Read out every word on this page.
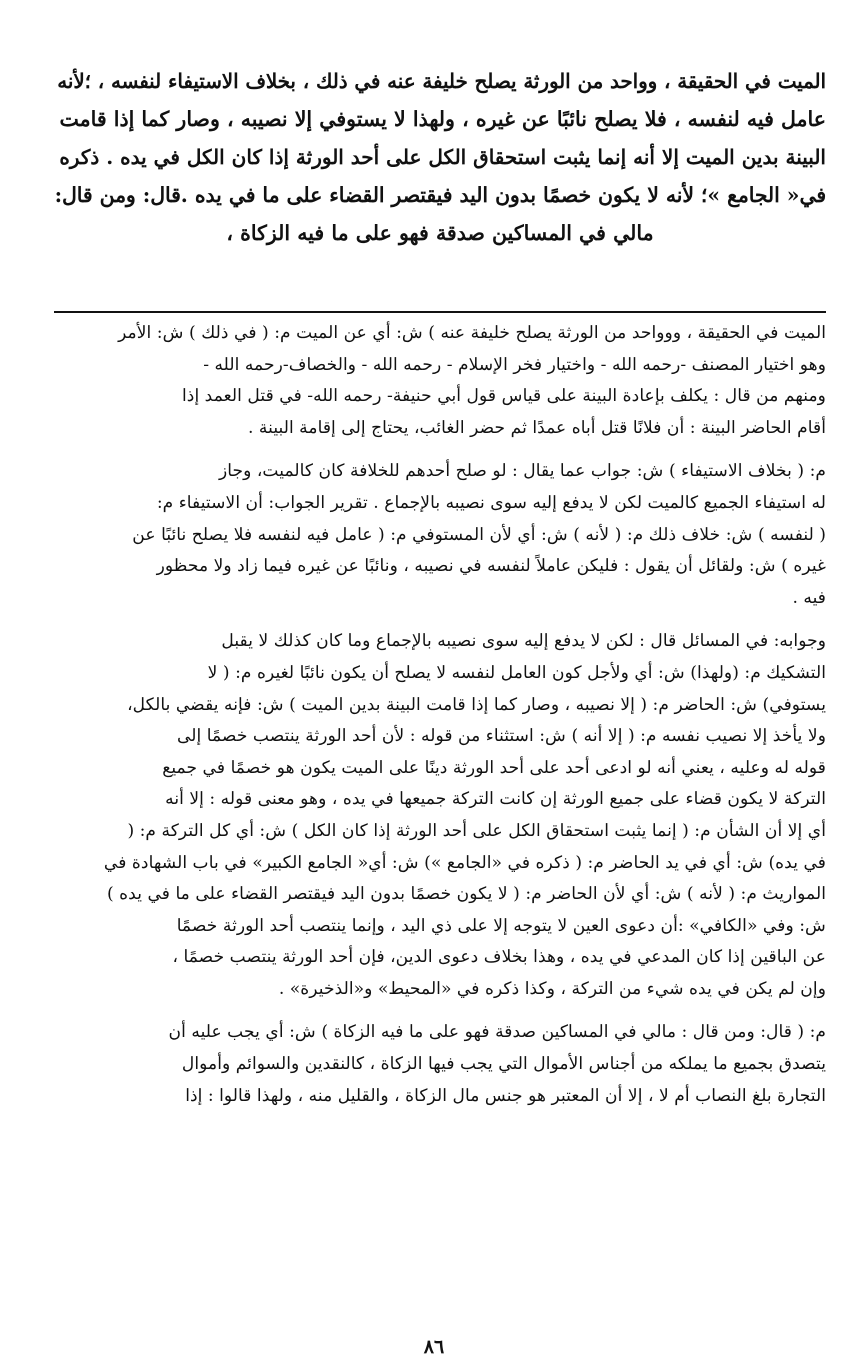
الميت في الحقيقة ، وواحد من الورثة يصلح خليفة عنه في ذلك ، بخلاف الاستيفاء لنفسه ، ؛لأنه
عامل فيه لنفسه ، فلا يصلح نائبًا عن غيره ، ولهذا لا يستوفي إلا نصيبه ، وصار كما إذا قامت
البينة بدين الميت إلا أنه إنما يثبت استحقاق الكل على أحد الورثة إذا كان الكل في يده . ذكره
في« الجامع »؛ لأنه لا يكون خصمًا بدون اليد فيقتصر القضاء على ما في يده .قال: ومن قال:
مالي في المساكين صدقة فهو على ما فيه الزكاة ،
الميت في الحقيقة ، ووواحد من الورثة يصلح خليفة عنه ) ش: أي عن الميت م: ( في ذلك ) ش: الأمر
وهو اختيار المصنف -رحمه الله - واختيار فخر الإسلام - رحمه الله - والخصاف-رحمه الله -
ومنهم من قال : يكلف بإعادة البينة على قياس قول أبي حنيفة- رحمه الله- في قتل العمد إذا
أقام الحاضر البينة : أن فلانًا قتل أباه عمدًا ثم حضر الغائب، يحتاج إلى إقامة البينة .
م: ( بخلاف الاستيفاء ) ش: جواب عما يقال : لو صلح أحدهم للخلافة كان كالميت، وجاز
له استيفاء الجميع كالميت لكن لا يدفع إليه سوى نصيبه بالإجماع . تقرير الجواب: أن الاستيفاء م:
( لنفسه ) ش: خلاف ذلك م: ( لأنه ) ش: أي لأن المستوفي م: ( عامل فيه لنفسه فلا يصلح نائبًا عن
غيره ) ش: ولقائل أن يقول : فليكن عاملاً لنفسه في نصيبه ، ونائبًا عن غيره فيما زاد ولا محظور
فيه .
وجوابه: في المسائل قال : لكن لا يدفع إليه سوى نصيبه بالإجماع وما كان كذلك لا يقبل
التشكيك م: (ولهذا) ش: أي ولأجل كون العامل لنفسه لا يصلح أن يكون نائبًا لغيره م: ( لا
يستوفي) ش: الحاضر م: ( إلا نصيبه ، وصار كما إذا قامت البينة بدين الميت ) ش: فإنه يقضي بالكل،
ولا يأخذ إلا نصيب نفسه م: ( إلا أنه ) ش: استثناء من قوله : لأن أحد الورثة ينتصب خصمًا إلى
قوله له وعليه ، يعني أنه لو ادعى أحد على أحد الورثة دينًا على الميت يكون هو خصمًا في جميع
التركة لا يكون قضاء على جميع الورثة إن كانت التركة جميعها في يده ، وهو معنى قوله : إلا أنه
أي إلا أن الشأن م: ( إنما يثبت استحقاق الكل على أحد الورثة إذا كان الكل ) ش: أي كل التركة م: (
في يده) ش: أي في يد الحاضر م: ( ذكره في «الجامع ») ش: أي« الجامع الكبير» في باب الشهادة في
المواريث م: ( لأنه ) ش: أي لأن الحاضر م: ( لا يكون خصمًا بدون اليد فيقتصر القضاء على ما في يده )
ش: وفي «الكافي» :أن دعوى العين لا يتوجه إلا على ذي اليد ، وإنما ينتصب أحد الورثة خصمًا
عن الباقين إذا كان المدعي في يده ، وهذا بخلاف دعوى الدين، فإن أحد الورثة ينتصب خصمًا ،
وإن لم يكن في يده شيء من التركة ، وكذا ذكره في «المحيط» و«الذخيرة» .
م: ( قال: ومن قال : مالي في المساكين صدقة فهو على ما فيه الزكاة ) ش: أي يجب عليه أن
يتصدق بجميع ما يملكه من أجناس الأموال التي يجب فيها الزكاة ، كالنقدين والسوائم وأموال
التجارة بلغ النصاب أم لا ، إلا أن المعتبر هو جنس مال الزكاة ، والقليل منه ، ولهذا قالوا : إذا
٨٦
